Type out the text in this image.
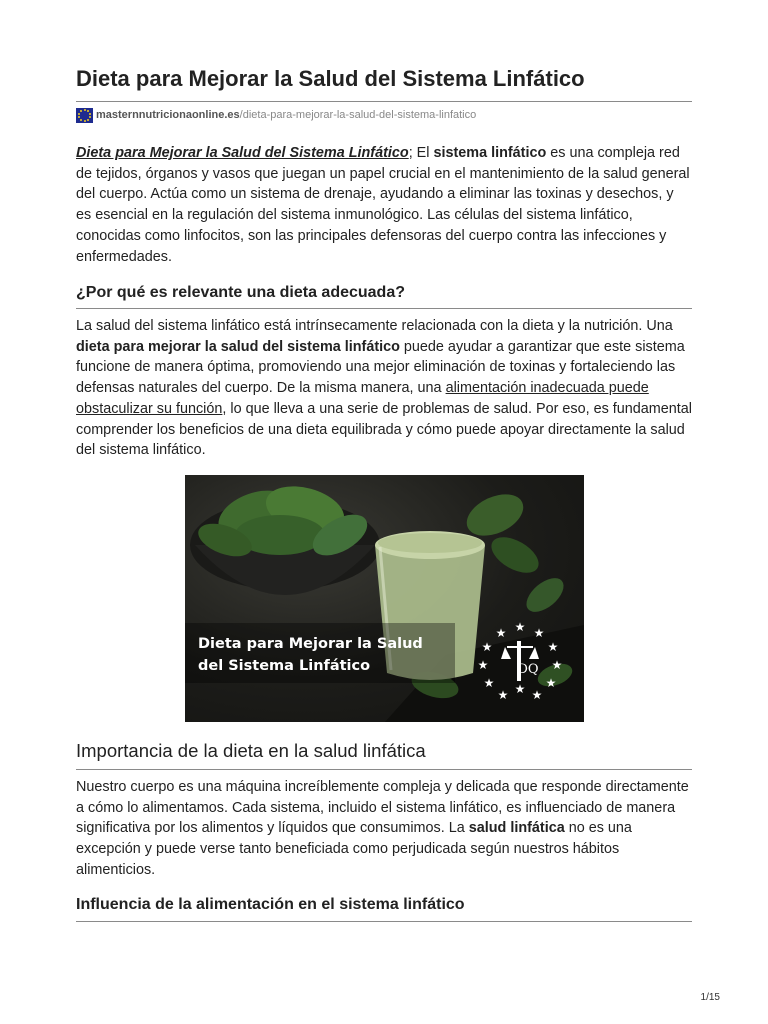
Dieta para Mejorar la Salud del Sistema Linfático
masternnutricionaonline.es /dieta-para-mejorar-la-salud-del-sistema-linfatico

Dieta para Mejorar la Salud del Sistema Linfático; El sistema linfático es una compleja red de tejidos, órganos y vasos que juegan un papel crucial en el mantenimiento de la salud general del cuerpo. Actúa como un sistema de drenaje, ayudando a eliminar las toxinas y desechos, y es esencial en la regulación del sistema inmunológico. Las células del sistema linfático, conocidas como linfocitos, son las principales defensoras del cuerpo contra las infecciones y enfermedades.

¿Por qué es relevante una dieta adecuada?

La salud del sistema linfático está intrínsecamente relacionada con la dieta y la nutrición. Una dieta para mejorar la salud del sistema linfático puede ayudar a garantizar que este sistema funcione de manera óptima, promoviendo una mejor eliminación de toxinas y fortaleciendo las defensas naturales del cuerpo. De la misma manera, una alimentación inadecuada puede obstaculizar su función, lo que lleva a una serie de problemas de salud. Por eso, es fundamental comprender los beneficios de una dieta equilibrada y cómo puede apoyar directamente la salud del sistema linfático.

★ ★
★
★
★
★
★
★
★
★
★
★
DQ
Dieta para Mejorar la Salud
del Sistema Linfático
Importancia de la dieta en la salud linfática

Nuestro cuerpo es una máquina increíblemente compleja y delicada que responde directamente a cómo lo alimentamos. Cada sistema, incluido el sistema linfático, es influenciado de manera significativa por los alimentos y líquidos que consumimos. La salud linfática no es una excepción y puede verse tanto beneficiada como perjudicada según nuestros hábitos alimenticios.

Influencia de la alimentación en el sistema linfático
1/15
